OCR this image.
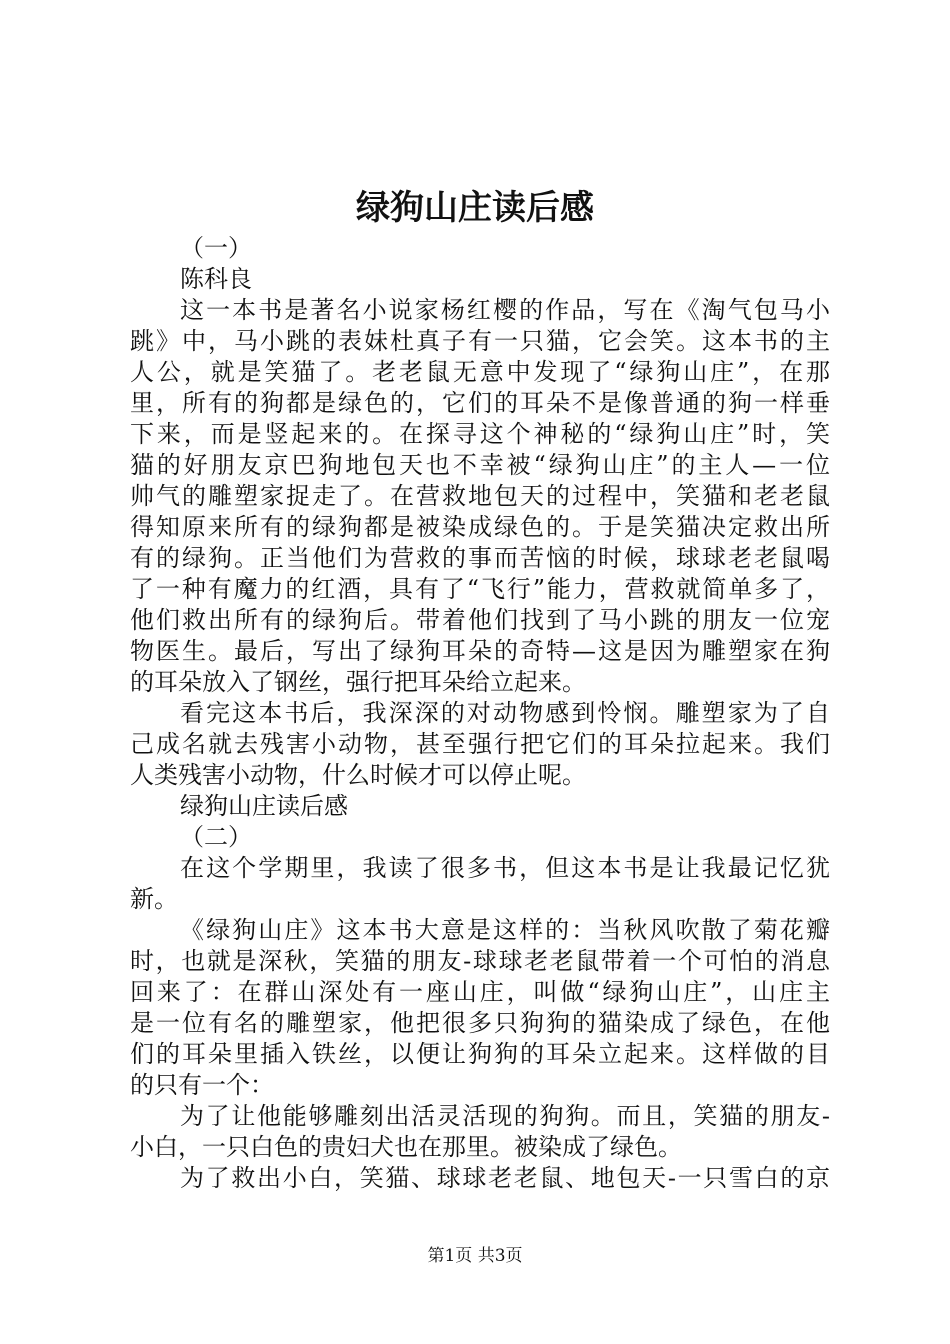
绿狗山庄读后感
（一）
陈科良
这一本书是著名小说家杨红樱的作品，写在《淘气包马小
跳》中，马小跳的表妹杜真子有一只猫，它会笑。这本书的主
人公，就是笑猫了。老老鼠无意中发现了“绿狗山庄”，在那
里，所有的狗都是绿色的，它们的耳朵不是像普通的狗一样垂
下来，而是竖起来的。在探寻这个神秘的“绿狗山庄”时，笑
猫的好朋友京巴狗地包天也不幸被“绿狗山庄”的主人—一位
帅气的雕塑家捉走了。在营救地包天的过程中，笑猫和老老鼠
得知原来所有的绿狗都是被染成绿色的。于是笑猫决定救出所
有的绿狗。正当他们为营救的事而苦恼的时候，球球老老鼠喝
了一种有魔力的红酒，具有了“飞行”能力，营救就简单多了，
他们救出所有的绿狗后。带着他们找到了马小跳的朋友一位宠
物医生。最后，写出了绿狗耳朵的奇特—这是因为雕塑家在狗
的耳朵放入了钢丝，强行把耳朵给立起来。
看完这本书后，我深深的对动物感到怜悯。雕塑家为了自
己成名就去残害小动物，甚至强行把它们的耳朵拉起来。我们
人类残害小动物，什么时候才可以停止呢。
绿狗山庄读后感
（二）
在这个学期里，我读了很多书，但这本书是让我最记忆犹
新。
《绿狗山庄》这本书大意是这样的：当秋风吹散了菊花瓣
时，也就是深秋，笑猫的朋友-球球老老鼠带着一个可怕的消息
回来了：在群山深处有一座山庄，叫做“绿狗山庄”，山庄主
是一位有名的雕塑家，他把很多只狗狗的猫染成了绿色，在他
们的耳朵里插入铁丝，以便让狗狗的耳朵立起来。这样做的目
的只有一个：
为了让他能够雕刻出活灵活现的狗狗。而且，笑猫的朋友-
小白，一只白色的贵妇犬也在那里。被染成了绿色。
为了救出小白，笑猫、球球老老鼠、地包天-一只雪白的京
第1页 共3页
